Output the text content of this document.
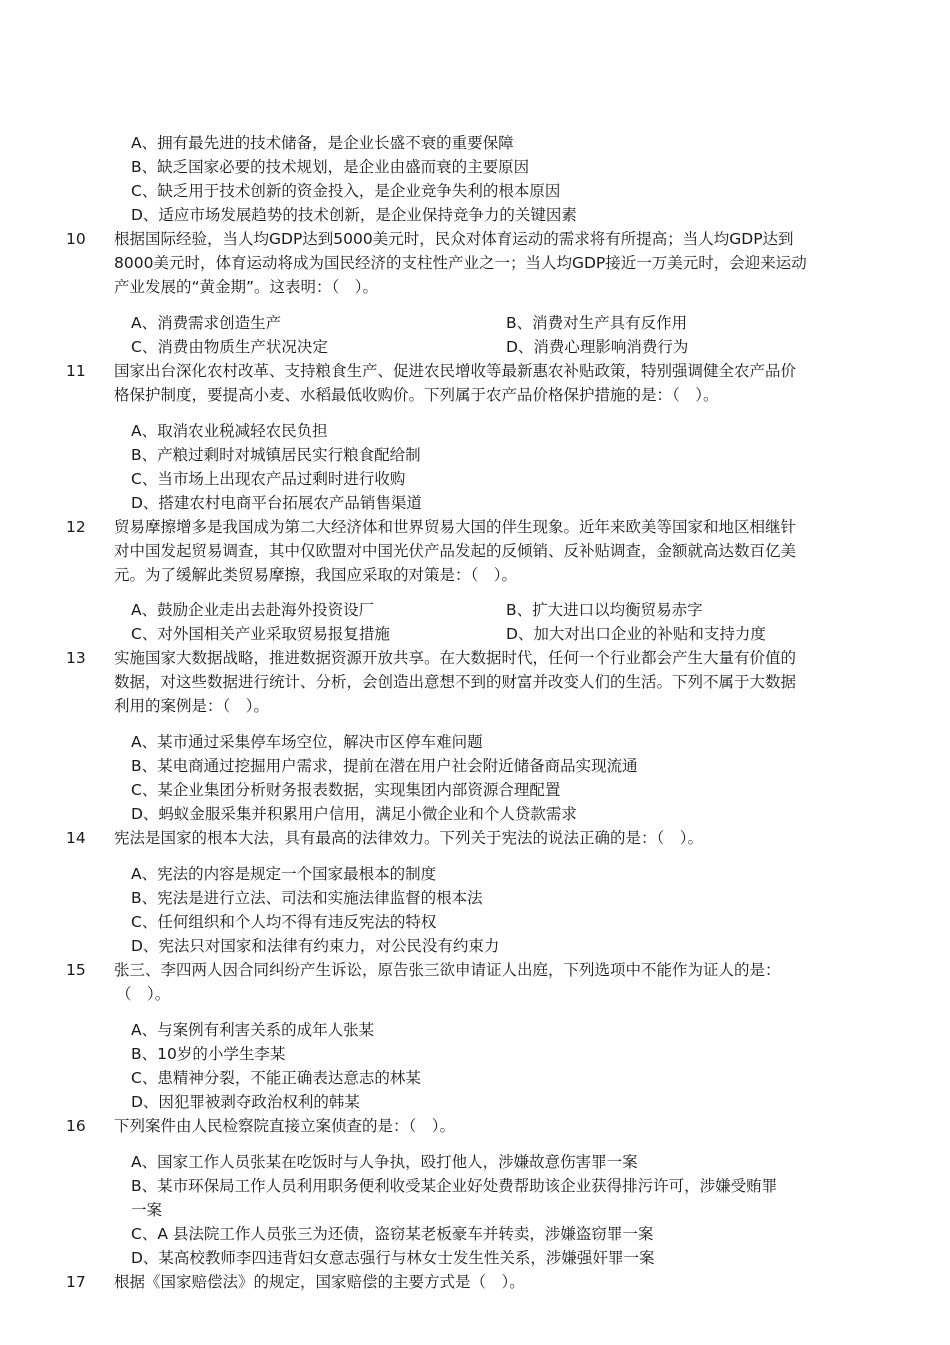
A、拥有最先进的技术储备，是企业长盛不衰的重要保障
B、缺乏国家必要的技术规划，是企业由盛而衰的主要原因
C、缺乏用于技术创新的资金投入，是企业竞争失利的根本原因
D、适应市场发展趋势的技术创新，是企业保持竞争力的关键因素
10 根据国际经验，当人均GDP达到5000美元时，民众对体育运动的需求将有所提高；当人均GDP达到
8000美元时，体育运动将成为国民经济的支柱性产业之一；当人均GDP接近一万美元时，会迎来运动
产业发展的“黄金期”。这表明：（　）。
A、消费需求创造生产	B、消费对生产具有反作用
C、消费由物质生产状况决定	D、消费心理影响消费行为
11 国家出台深化农村改革、支持粮食生产、促进农民增收等最新惠农补贴政策，特别强调健全农产品价
格保护制度，要提高小麦、水稻最低收购价。下列属于农产品价格保护措施的是：（　）。
A、取消农业税减轻农民负担
B、产粮过剩时对城镇居民实行粮食配给制
C、当市场上出现农产品过剩时进行收购
D、搭建农村电商平台拓展农产品销售渠道
12 贸易摩擦增多是我国成为第二大经济体和世界贸易大国的伴生现象。近年来欧美等国家和地区相继针
对中国发起贸易调查，其中仅欧盟对中国光伏产品发起的反倾销、反补贴调查，金额就高达数百亿美
元。为了缓解此类贸易摩擦，我国应采取的对策是：（　）。
A、鼓励企业走出去赴海外投资设厂	B、扩大进口以均衡贸易赤字
C、对外国相关产业采取贸易报复措施	D、加大对出口企业的补贴和支持力度
13 实施国家大数据战略，推进数据资源开放共享。在大数据时代，任何一个行业都会产生大量有价值的
数据，对这些数据进行统计、分析，会创造出意想不到的财富并改变人们的生活。下列不属于大数据
利用的案例是：（　）。
A、某市通过采集停车场空位，解决市区停车难问题
B、某电商通过挖掘用户需求，提前在潜在用户社会附近储备商品实现流通
C、某企业集团分析财务报表数据，实现集团内部资源合理配置
D、蚂蚁金服采集并积累用户信用，满足小微企业和个人贷款需求
14 宪法是国家的根本大法，具有最高的法律效力。下列关于宪法的说法正确的是：（　）。
A、宪法的内容是规定一个国家最根本的制度
B、宪法是进行立法、司法和实施法律监督的根本法
C、任何组织和个人均不得有违反宪法的特权
D、宪法只对国家和法律有约束力，对公民没有约束力
15 张三、李四两人因合同纠纷产生诉讼，原告张三欲申请证人出庭，下列选项中不能作为证人的是：
（　）。
A、与案例有利害关系的成年人张某
B、10岁的小学生李某
C、患精神分裂，不能正确表达意志的林某
D、因犯罪被剥夺政治权利的韩某
16 下列案件由人民检察院直接立案侦查的是：（　）。
A、国家工作人员张某在吃饭时与人争执，殴打他人，涉嫌故意伤害罪一案
B、某市环保局工作人员利用职务便利收受某企业好处费帮助该企业获得排污许可，涉嫌受贿罪
一案
C、A 县法院工作人员张三为还债，盗窃某老板豪车并转卖，涉嫌盗窃罪一案
D、某高校教师李四违背妇女意志强行与林女士发生性关系，涉嫌强奸罪一案
17 根据《国家赔偿法》的规定，国家赔偿的主要方式是（　）。
